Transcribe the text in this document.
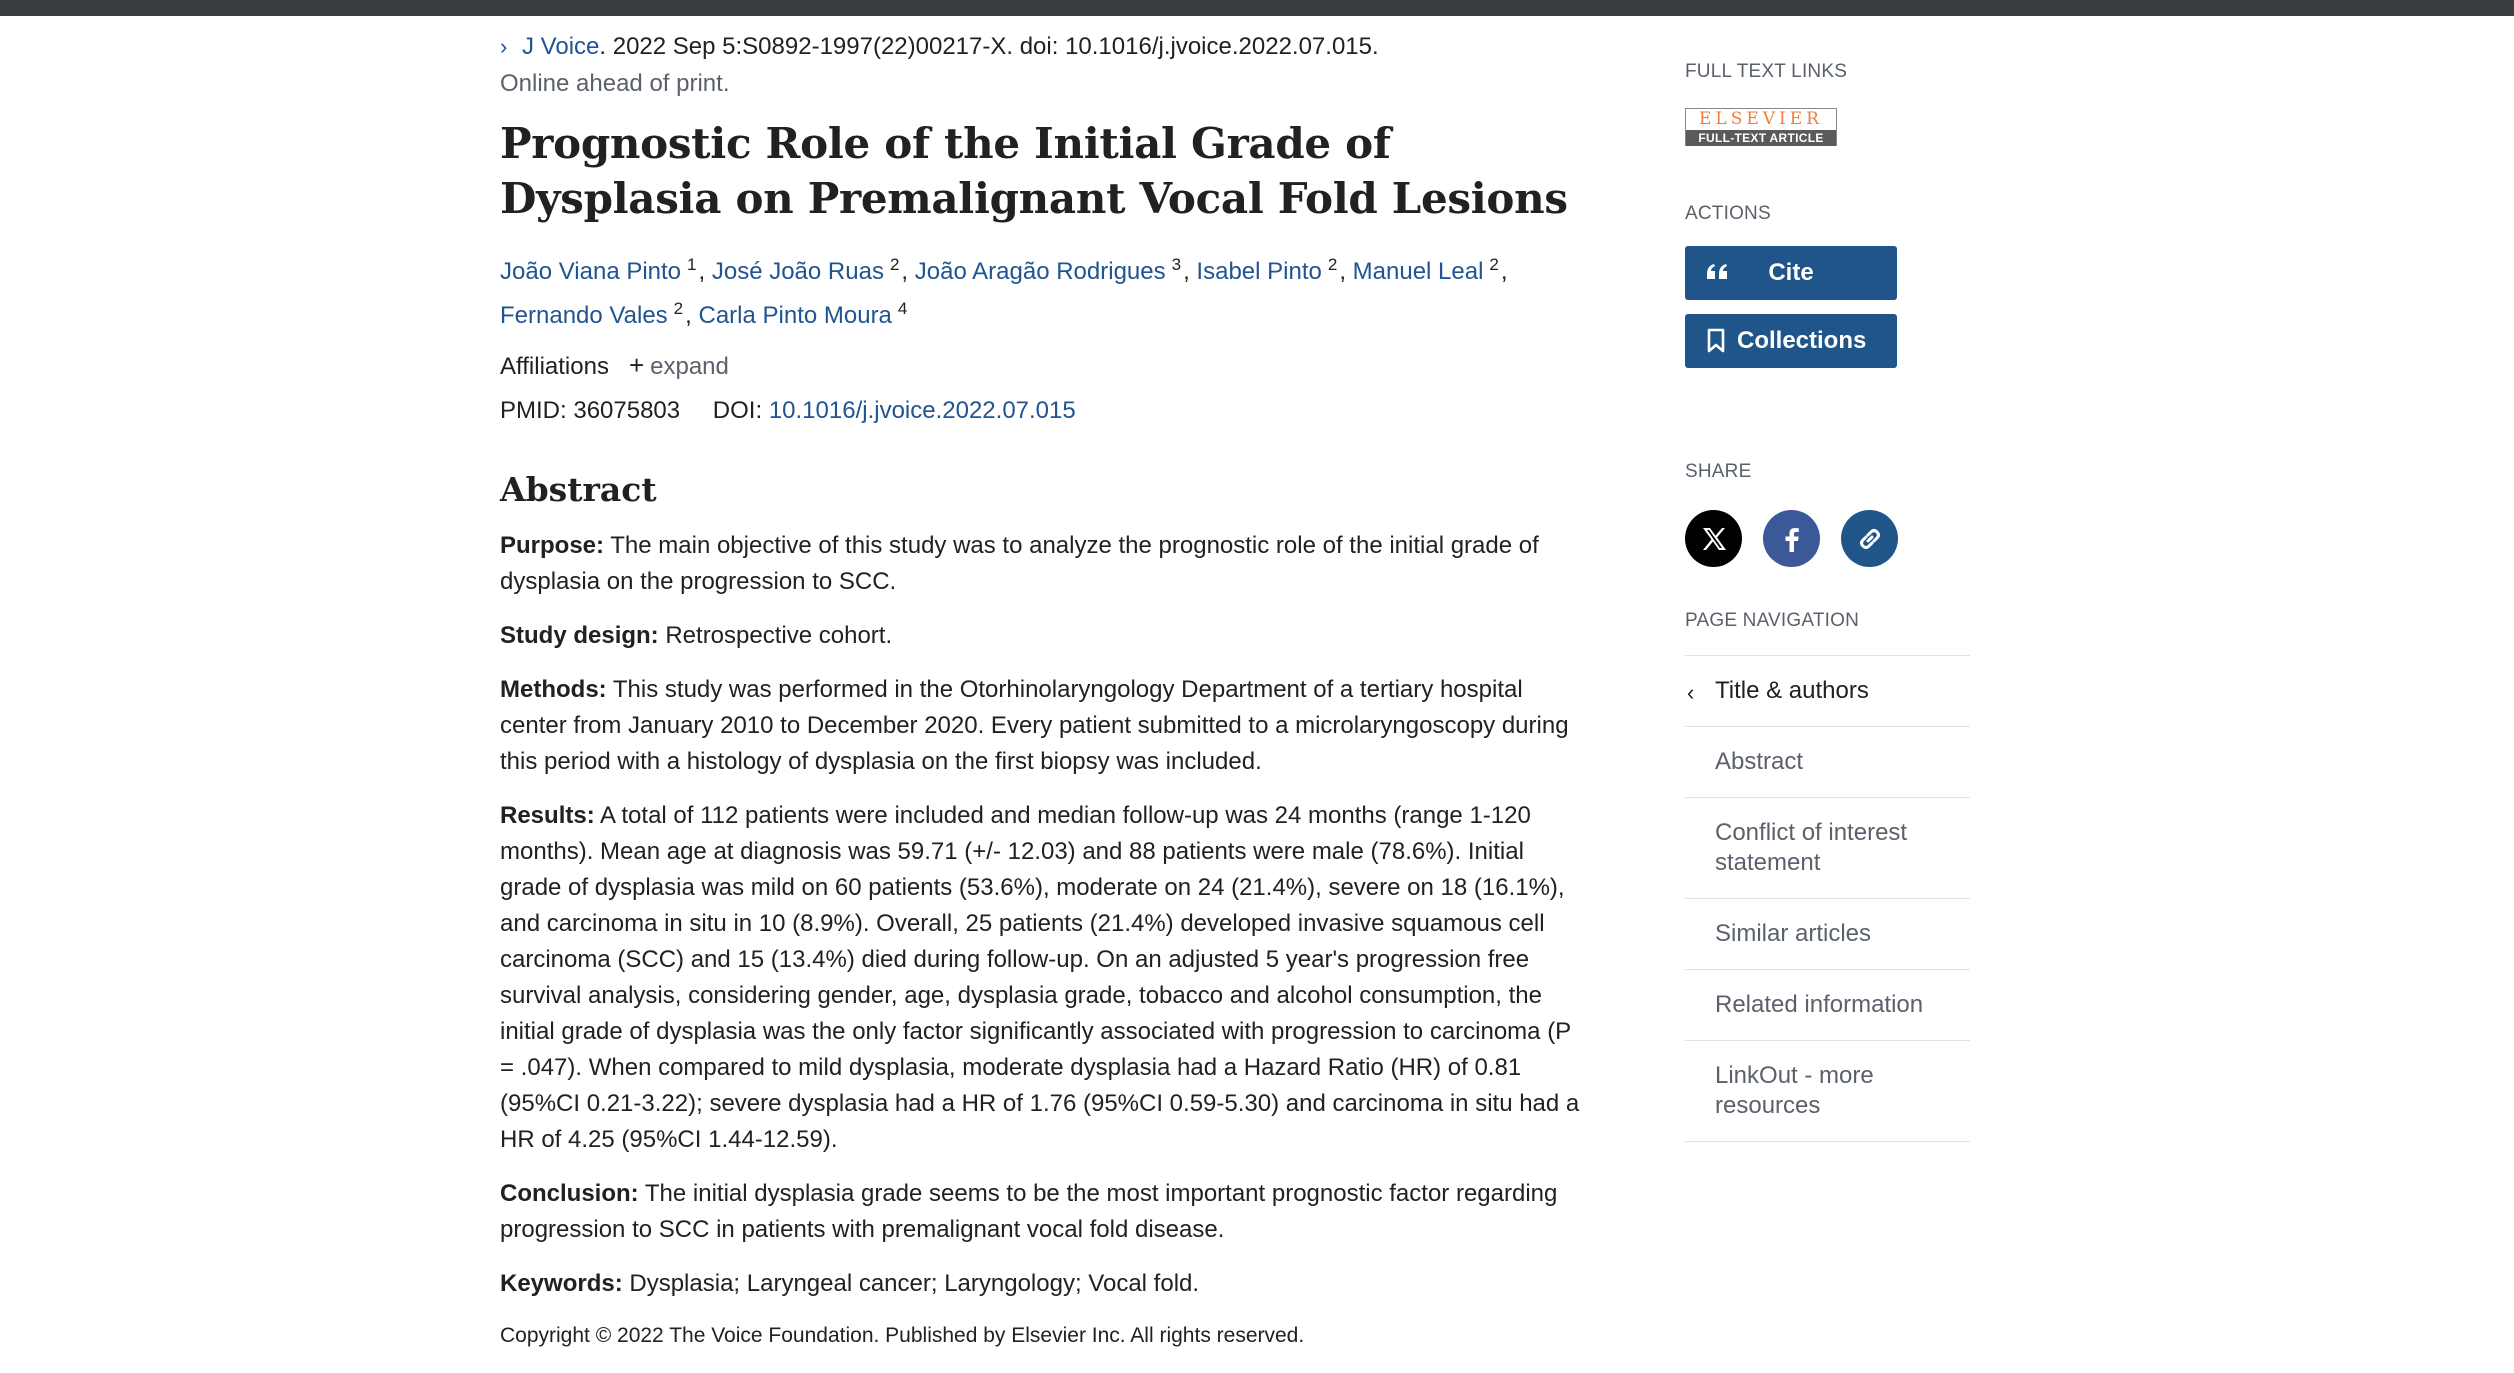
› J Voice. 2022 Sep 5:S0892-1997(22)00217-X. doi: 10.1016/j.jvoice.2022.07.015.
Online ahead of print.
Prognostic Role of the Initial Grade of Dysplasia on Premalignant Vocal Fold Lesions
João Viana Pinto $^1$, José João Ruas $^2$, João Aragão Rodrigues $^3$, Isabel Pinto $^2$, Manuel Leal $^2$,
Fernando Vales $^2$, Carla Pinto Moura $^4$
Affiliations + expand
PMID: 36075803 DOI: 10.1016/j.jvoice.2022.07.015
Abstract
Purpose: The main objective of this study was to analyze the prognostic role of the initial grade of dysplasia on the progression to SCC.
Study design: Retrospective cohort.
Methods: This study was performed in the Otorhinolaryngology Department of a tertiary hospital center from January 2010 to December 2020. Every patient submitted to a microlaryngoscopy during this period with a histology of dysplasia on the first biopsy was included.
Results: A total of 112 patients were included and median follow-up was 24 months (range 1-120 months). Mean age at diagnosis was 59.71 (+/- 12.03) and 88 patients were male (78.6%). Initial grade of dysplasia was mild on 60 patients (53.6%), moderate on 24 (21.4%), severe on 18 (16.1%), and carcinoma in situ in 10 (8.9%). Overall, 25 patients (21.4%) developed invasive squamous cell carcinoma (SCC) and 15 (13.4%) died during follow-up. On an adjusted 5 year's progression free survival analysis, considering gender, age, dysplasia grade, tobacco and alcohol consumption, the initial grade of dysplasia was the only factor significantly associated with progression to carcinoma (P = .047). When compared to mild dysplasia, moderate dysplasia had a Hazard Ratio (HR) of 0.81 (95%CI 0.21-3.22); severe dysplasia had a HR of 1.76 (95%CI 0.59-5.30) and carcinoma in situ had a HR of 4.25 (95%CI 1.44-12.59).
Conclusion: The initial dysplasia grade seems to be the most important prognostic factor regarding progression to SCC in patients with premalignant vocal fold disease.
Keywords: Dysplasia; Laryngeal cancer; Laryngology; Vocal fold.
Copyright © 2022 The Voice Foundation. Published by Elsevier Inc. All rights reserved.
FULL TEXT LINKS
ELSEVIER
FULL-TEXT ARTICLE
ACTIONS
Cite
Collections
SHARE
PAGE NAVIGATION
‹ Title & authors
Abstract
Conflict of interest statement
Similar articles
Related information
LinkOut - more resources
